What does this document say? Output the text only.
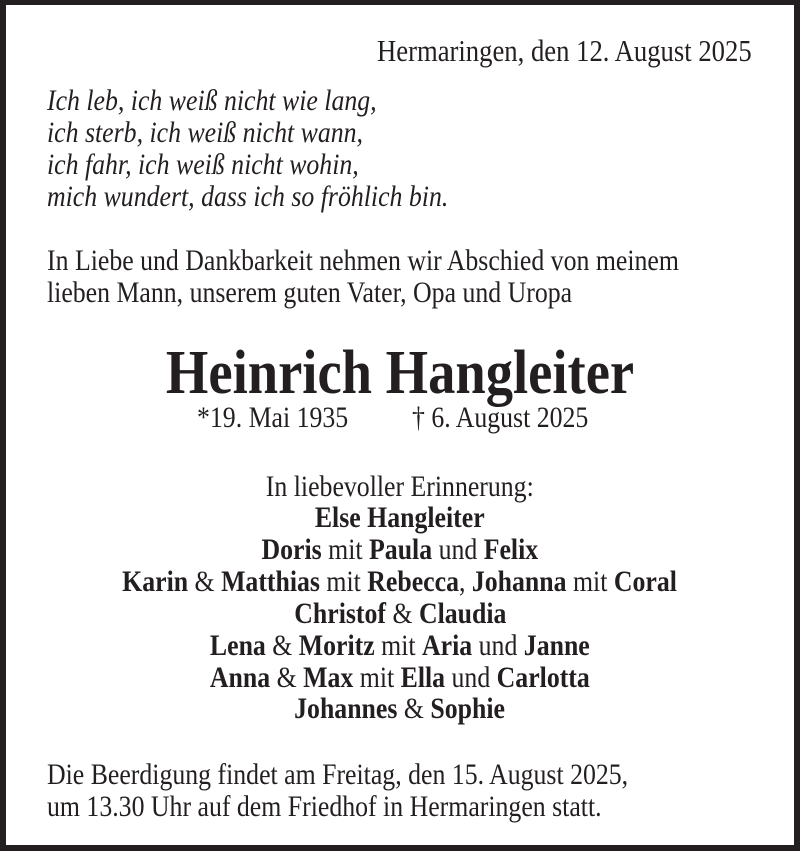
Hermaringen, den 12. August 2025
Ich leb, ich weiß nicht wie lang,
ich sterb, ich weiß nicht wann,
ich fahr, ich weiß nicht wohin,
mich wundert, dass ich so fröhlich bin.
In Liebe und Dankbarkeit nehmen wir Abschied von meinem
lieben Mann, unserem guten Vater, Opa und Uropa
Heinrich Hangleiter
*19. Mai 1935	† 6. August 2025
In liebevoller Erinnerung:
Else Hangleiter
Doris mit Paula und Felix
Karin & Matthias mit Rebecca, Johanna mit Coral
Christof & Claudia
Lena & Moritz mit Aria und Janne
Anna & Max mit Ella und Carlotta
Johannes & Sophie
Die Beerdigung findet am Freitag, den 15. August 2025,
um 13.30 Uhr auf dem Friedhof in Hermaringen statt.
